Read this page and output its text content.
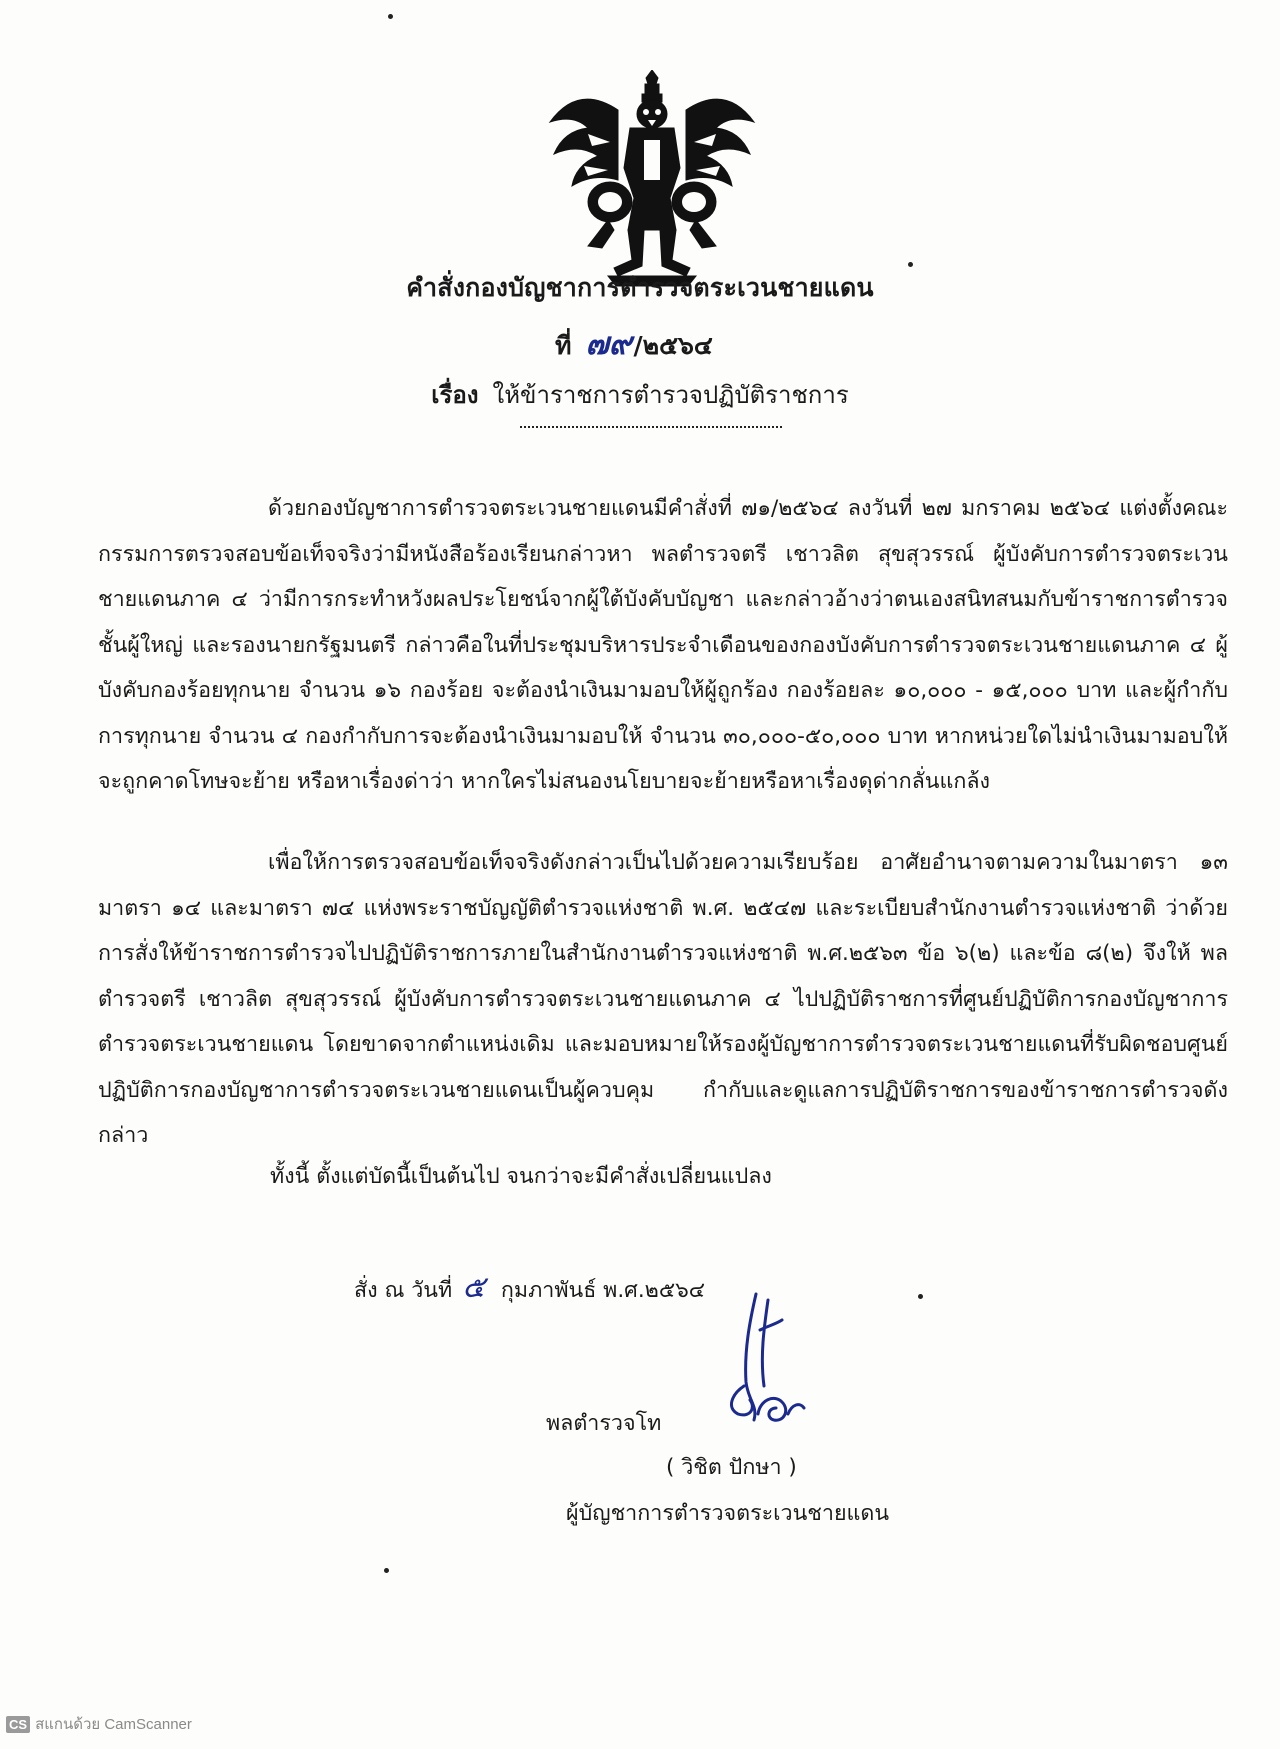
คำสั่งกองบัญชาการตำรวจตระเวนชายแดน
ที่ ๗๙/๒๕๖๔
เรื่อง ให้ข้าราชการตำรวจปฏิบัติราชการ

ด้วยกองบัญชาการตำรวจตระเวนชายแดนมีคำสั่งที่ ๗๑/๒๕๖๔ ลงวันที่ ๒๗ มกราคม ๒๕๖๔ แต่งตั้งคณะกรรมการตรวจสอบข้อเท็จจริงว่ามีหนังสือร้องเรียนกล่าวหา พลตำรวจตรี เชาวลิต สุขสุวรรณ์ ผู้บังคับการตำรวจตระเวนชายแดนภาค ๔ ว่ามีการกระทำหวังผลประโยชน์จากผู้ใต้บังคับบัญชา และกล่าวอ้างว่าตนเองสนิทสนมกับข้าราชการตำรวจชั้นผู้ใหญ่ และรองนายกรัฐมนตรี กล่าวคือในที่ประชุมบริหารประจำเดือนของกองบังคับการตำรวจตระเวนชายแดนภาค ๔ ผู้บังคับกองร้อยทุกนาย จำนวน ๑๖ กองร้อย จะต้องนำเงินมามอบให้ผู้ถูกร้อง กองร้อยละ ๑๐,๐๐๐ - ๑๕,๐๐๐ บาท และผู้กำกับการทุกนาย จำนวน ๔ กองกำกับการจะต้องนำเงินมามอบให้ จำนวน ๓๐,๐๐๐-๕๐,๐๐๐ บาท หากหน่วยใดไม่นำเงินมามอบให้จะถูกคาดโทษจะย้าย หรือหาเรื่องด่าว่า หากใครไม่สนองนโยบายจะย้ายหรือหาเรื่องดุด่ากลั่นแกล้ง

เพื่อให้การตรวจสอบข้อเท็จจริงดังกล่าวเป็นไปด้วยความเรียบร้อย อาศัยอำนาจตามความในมาตรา ๑๓ มาตรา ๑๔ และมาตรา ๗๔ แห่งพระราชบัญญัติตำรวจแห่งชาติ พ.ศ. ๒๕๔๗ และระเบียบสำนักงานตำรวจแห่งชาติ ว่าด้วยการสั่งให้ข้าราชการตำรวจไปปฏิบัติราชการภายในสำนักงานตำรวจแห่งชาติ พ.ศ.๒๕๖๓ ข้อ ๖(๒) และข้อ ๘(๒) จึงให้ พลตำรวจตรี เชาวลิต สุขสุวรรณ์ ผู้บังคับการตำรวจตระเวนชายแดนภาค ๔ ไปปฏิบัติราชการที่ศูนย์ปฏิบัติการกองบัญชาการตำรวจตระเวนชายแดน โดยขาดจากตำแหน่งเดิม และมอบหมายให้รองผู้บัญชาการตำรวจตระเวนชายแดนที่รับผิดชอบศูนย์ปฏิบัติการกองบัญชาการตำรวจตระเวนชายแดนเป็นผู้ควบคุม กำกับและดูแลการปฏิบัติราชการของข้าราชการตำรวจดังกล่าว

ทั้งนี้ ตั้งแต่บัดนี้เป็นต้นไป จนกว่าจะมีคำสั่งเปลี่ยนแปลง
สั่ง ณ วันที่ ๕ กุมภาพันธ์ พ.ศ.๒๕๖๔
พลตำรวจโท
( วิชิต ปักษา )
ผู้บัญชาการตำรวจตระเวนชายแดน
CS สแกนด้วย CamScanner
